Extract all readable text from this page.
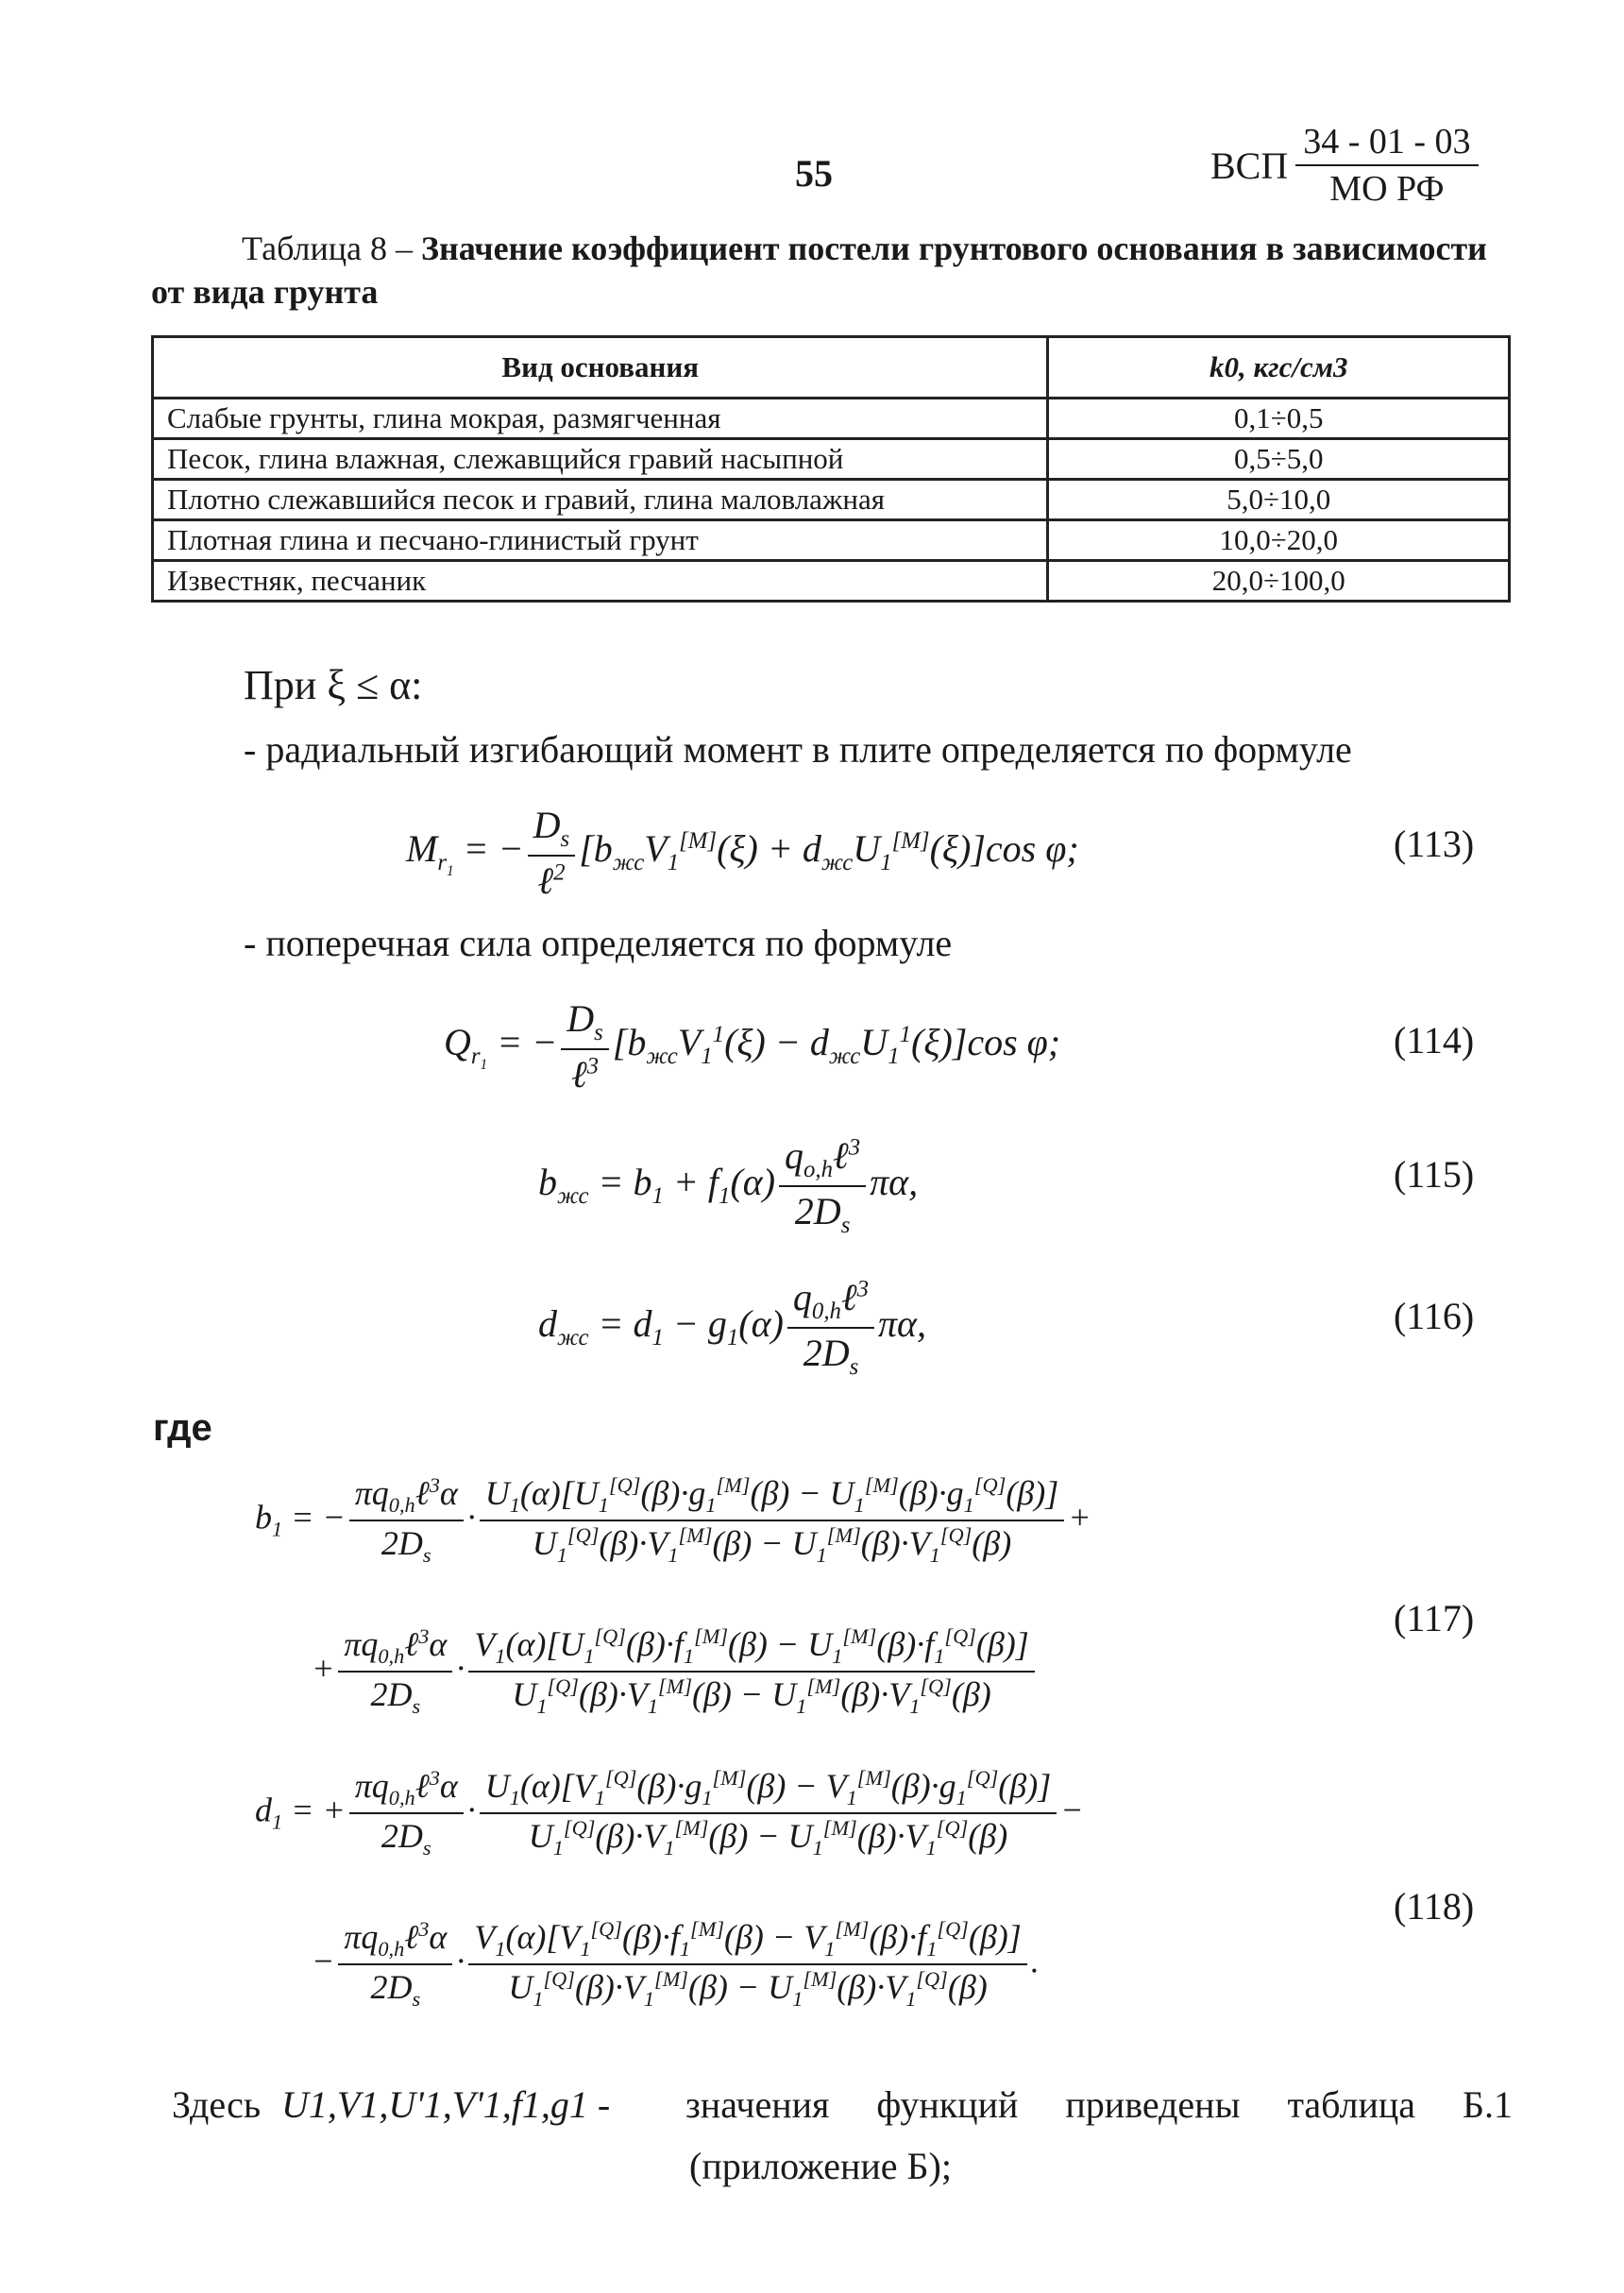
55	ВСП
34 - 01 - 03
МО РФ
Таблица 8 – Значение коэффициент постели грунтового основания в зависимости от вида грунта
Вид основания	k0, кгс/см3
Слабые грунты, глина мокрая, размягченная	0,1÷0,5
Песок, глина влажная, слежавщийся гравий насыпной	0,5÷5,0
Плотно слежавшийся песок и гравий, глина маловлажная	5,0÷10,0
Плотная глина и песчано-глинистый грунт	10,0÷20,0
Известняк, песчаник	20,0÷100,0
При ξ ≤ α:
- радиальный изгибающий момент в плите определяется по формуле
$M_{r_1}$ = − $\frac{D_s}{\ell^2} [b_{жс}V_1[M](\xi) + d_{жс}U_1[M](\xi)]\cos$ φ;	(113)
- поперечная сила определяется по формуле
$Q_{r_1}$ = − $\frac{D_s}{\ell^3} [b_{жс}V_1^1(\xi) - d_{жс}U_1^1(\xi)]\cos$ φ;	(114)
$b_{жс} = b_1 + f_1(\alpha) \frac{q_{o,h}\ell^3}{2D_s} \pi\alpha$,	(115)
$d_{жс} = d_1 - g_1(\alpha) \frac{q_{0,h}\ell^3}{2D_s} \pi\alpha$,	(116)
где
$b_1$ = − $\frac{\pi q_{0,h}\ell^3\alpha}{2D_s} \cdot \frac{U_1(\alpha)[U_1^{[Q]}(\beta)\cdot g_1^{[M]}(\beta) - U_1^{[M]}(\beta)\cdot g_1^{[Q]}(\beta)]}{U_1^{[Q]}(\beta)\cdot V_1^{[M]}(\beta) - U_1^{[M]}(\beta)\cdot V_1^{[Q]}(\beta)}$ +
+ $\frac{\pi q_{0,h}\ell^3\alpha}{2D_s} \cdot \frac{V_1(\alpha)[U_1^{[Q]}(\beta)\cdot f_1^{[M]}(\beta) - U_1^{[M]}(\beta)\cdot f_1^{[Q]}(\beta)]}{U_1^{[Q]}(\beta)\cdot V_1^{[M]}(\beta) - U_1^{[M]}(\beta)\cdot V_1^{[Q]}(\beta)}$
(117)
$d_1$ = + $\frac{\pi q_{0,h}\ell^3\alpha}{2D_s} \cdot \frac{U_1(\alpha)[V_1^{[Q]}(\beta)\cdot g_1^{[M]}(\beta) - V_1^{[M]}(\beta)\cdot g_1^{[Q]}(\beta)]}{U_1^{[Q]}(\beta)\cdot V_1^{[M]}(\beta) - U_1^{[M]}(\beta)\cdot V_1^{[Q]}(\beta)}$ −
− $\frac{\pi q_{0,h}\ell^3\alpha}{2D_s} \cdot \frac{V_1(\alpha)[V_1^{[Q]}(\beta)\cdot f_1^{[M]}(\beta) - V_1^{[M]}(\beta)\cdot f_1^{[Q]}(\beta)]}{U_1^{[Q]}(\beta)\cdot V_1^{[M]}(\beta) - U_1^{[M]}(\beta)\cdot V_1^{[Q]}(\beta)}$ .
(118)
Здесь U1,V1,U'1,V'1,f1,g1 - значения функций приведены таблица Б.1
(приложение Б);
